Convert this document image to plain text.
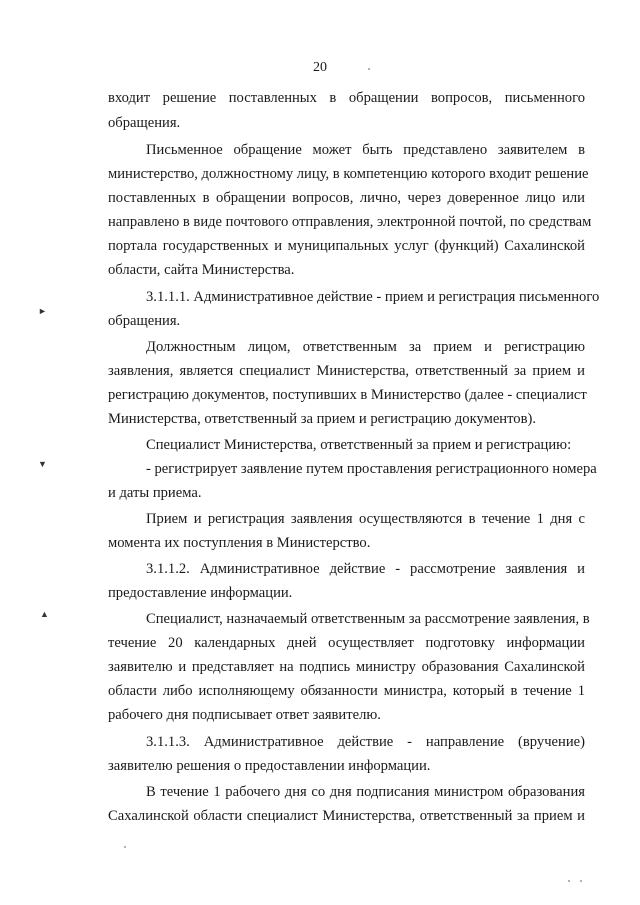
20
входит решение поставленных в обращении вопросов, письменного
обращения.
Письменное обращение может быть представлено заявителем в
министерство, должностному лицу, в компетенцию которого входит решение
поставленных в обращении вопросов, лично, через доверенное лицо или
направлено в виде почтового отправления, электронной почтой, по средствам
портала государственных и муниципальных услуг (функций) Сахалинской
области, сайта Министерства.
3.1.1.1. Административное действие - прием и регистрация письменного
обращения.
Должностным лицом, ответственным за прием и регистрацию
заявления, является специалист Министерства, ответственный за прием и
регистрацию документов, поступивших в Министерство (далее - специалист
Министерства, ответственный за прием и регистрацию документов).
Специалист Министерства, ответственный за прием и регистрацию:
- регистрирует заявление путем проставления регистрационного номера
и даты приема.
Прием и регистрация заявления осуществляются в течение 1 дня с
момента их поступления в Министерство.
3.1.1.2. Административное действие - рассмотрение заявления и
предоставление информации.
Специалист, назначаемый ответственным за рассмотрение заявления, в
течение 20 календарных дней осуществляет подготовку информации
заявителю и представляет на подпись министру образования Сахалинской
области либо исполняющему обязанности министра, который в течение 1
рабочего дня подписывает ответ заявителю.
3.1.1.3. Административное действие - направление (вручение)
заявителю решения о предоставлении информации.
В течение 1 рабочего дня со дня подписания министром образования
Сахалинской области специалист Министерства, ответственный за прием и
►
▼
▲
